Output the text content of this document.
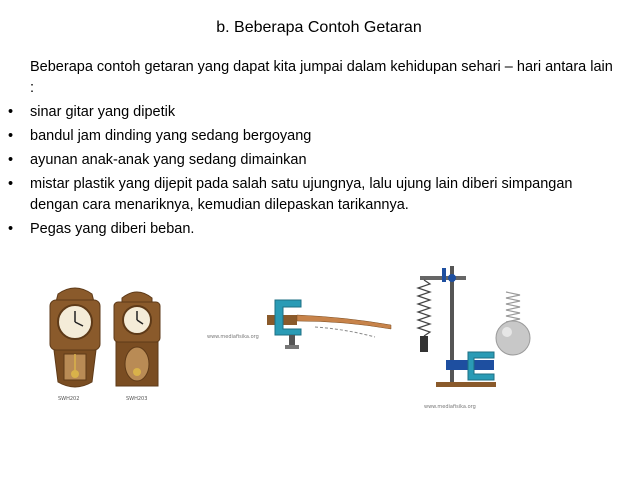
b. Beberapa Contoh Getaran
Beberapa contoh getaran yang dapat kita jumpai dalam kehidupan sehari – hari antara lain :
• sinar gitar yang dipetik
• bandul jam dinding yang sedang bergoyang
• ayunan anak-anak yang sedang dimainkan
• mistar plastik yang dijepit pada salah satu ujungnya, lalu ujung lain diberi simpangan dengan cara menariknya, kemudian dilepaskan tarikannya.
• Pegas yang diberi beban.
SWH202	SWH203
www.mediafisika.org
www.mediafisika.org
